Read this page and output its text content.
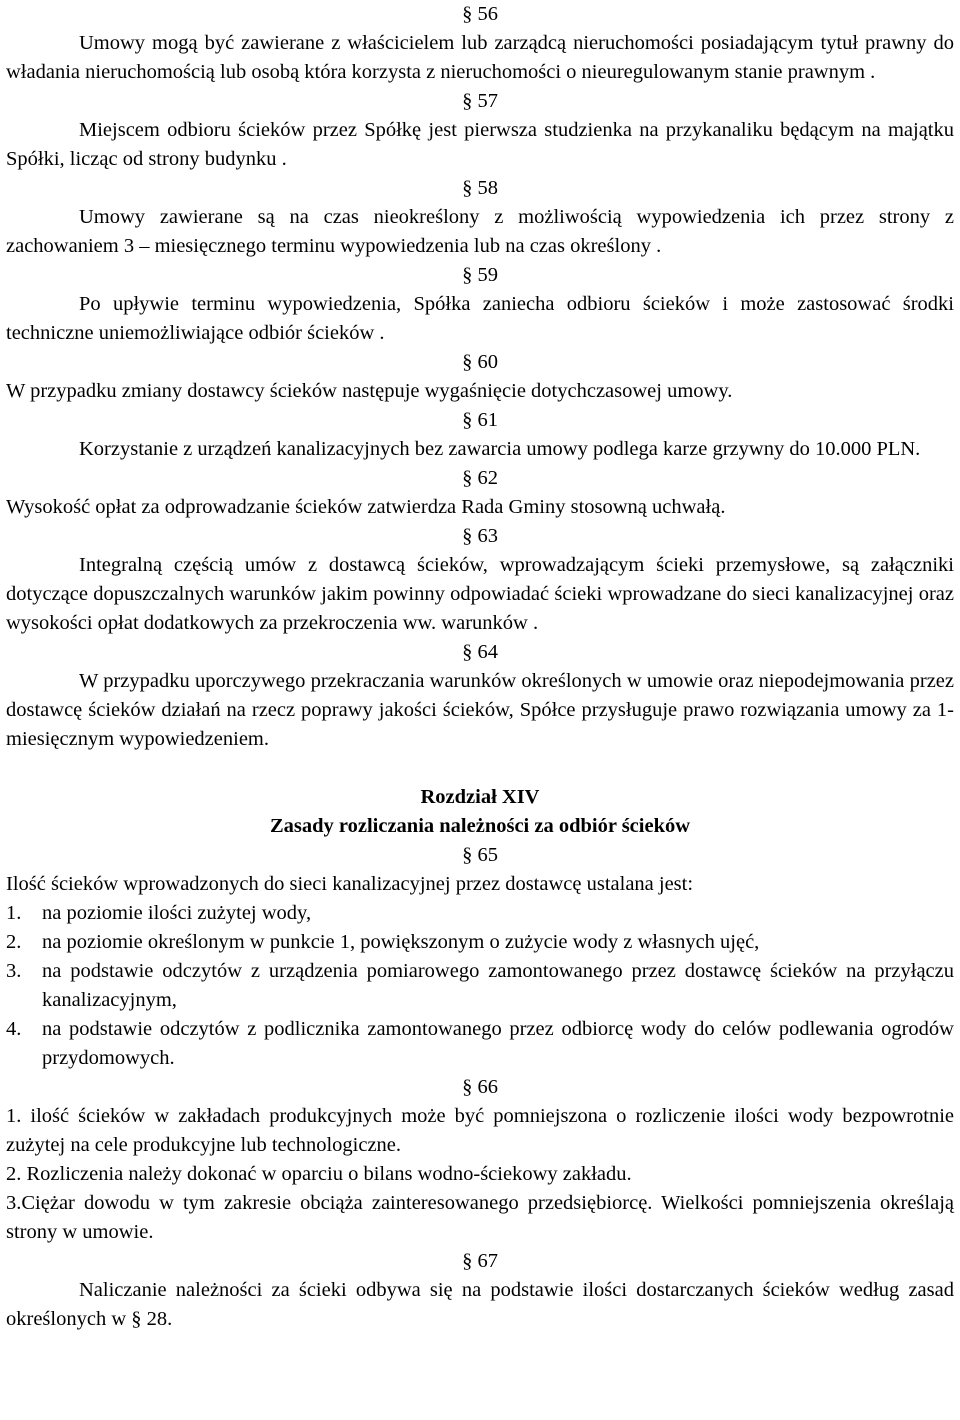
§ 56
Umowy mogą być zawierane z właścicielem lub zarządcą nieruchomości posiadającym tytuł prawny do władania nieruchomością lub osobą która korzysta z nieruchomości o nieuregulowanym stanie prawnym .
§ 57
Miejscem odbioru ścieków przez Spółkę jest pierwsza studzienka na przykanaliku będącym na majątku Spółki, licząc od strony budynku .
§ 58
Umowy zawierane są na czas nieokreślony z możliwością wypowiedzenia ich przez strony z zachowaniem 3 – miesięcznego terminu wypowiedzenia lub na czas określony .
§ 59
Po upływie terminu wypowiedzenia, Spółka zaniecha odbioru ścieków i może zastosować środki techniczne uniemożliwiające odbiór ścieków .
§ 60
W przypadku zmiany dostawcy ścieków następuje wygaśnięcie dotychczasowej umowy.
§ 61
Korzystanie z urządzeń kanalizacyjnych bez zawarcia umowy podlega karze grzywny do 10.000 PLN.
§ 62
Wysokość opłat za odprowadzanie ścieków zatwierdza Rada Gminy stosowną uchwałą.
§ 63
Integralną częścią umów z dostawcą ścieków, wprowadzającym ścieki przemysłowe, są załączniki dotyczące dopuszczalnych warunków jakim powinny odpowiadać ścieki wprowadzane do sieci kanalizacyjnej oraz wysokości opłat dodatkowych za przekroczenia ww. warunków .
§ 64
W przypadku uporczywego przekraczania warunków określonych w umowie oraz niepodejmowania przez dostawcę ścieków działań na rzecz poprawy jakości ścieków, Spółce przysługuje prawo rozwiązania umowy za 1- miesięcznym wypowiedzeniem.
Rozdział XIV
Zasady rozliczania należności za odbiór ścieków
§ 65
Ilość ścieków wprowadzonych do sieci kanalizacyjnej przez dostawcę ustalana jest:
1.	na poziomie ilości zużytej wody,
2.	na poziomie określonym w punkcie 1, powiększonym o zużycie wody z własnych ujęć,
3.	na podstawie odczytów z urządzenia pomiarowego zamontowanego przez dostawcę ścieków na przyłączu kanalizacyjnym,
4.	na podstawie odczytów z podlicznika zamontowanego przez odbiorcę wody do celów podlewania ogrodów przydomowych.
§ 66
1. ilość ścieków w zakładach produkcyjnych może być pomniejszona o rozliczenie ilości wody bezpowrotnie zużytej na cele produkcyjne lub technologiczne.
2. Rozliczenia należy dokonać w oparciu o bilans wodno-ściekowy zakładu.
3.Ciężar dowodu w tym zakresie obciąża zainteresowanego przedsiębiorcę. Wielkości pomniejszenia określają strony w umowie.
§ 67
Naliczanie należności za ścieki odbywa się na podstawie ilości dostarczanych ścieków według zasad określonych w § 28.
